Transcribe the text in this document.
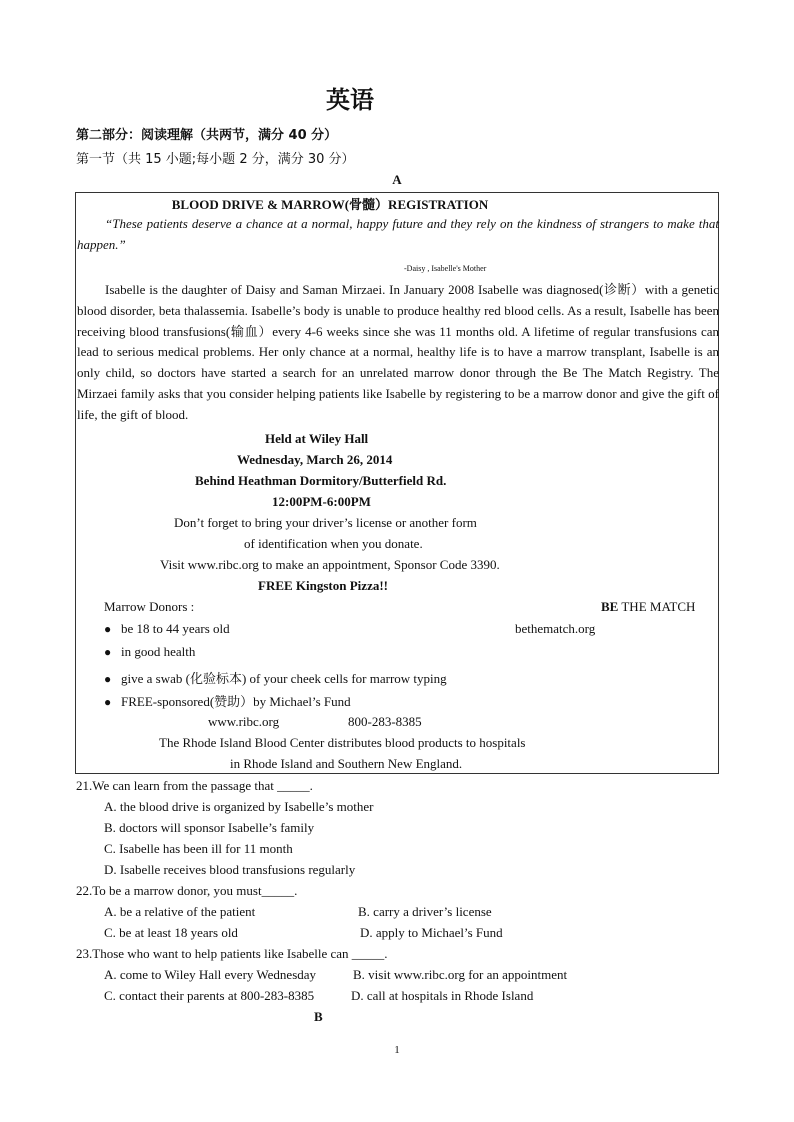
英语
第二部分：阅读理解（共两节，满分 40 分）
第一节（共 15 小题;每小题 2 分，满分 30 分）
A
BLOOD DRIVE & MARROW(骨髓）REGISTRATION
“These patients deserve a chance at a normal, happy future and they rely on the kindness of strangers to make that happen.”
-Daisy , Isabelle's Mother
Isabelle is the daughter of Daisy and Saman Mirzaei. In January 2008 Isabelle was diagnosed(诊断）with a genetic blood disorder, beta thalassemia. Isabelle’s body is unable to produce healthy red blood cells. As a result, Isabelle has been receiving blood transfusions(输血）every 4-6 weeks since she was 11 months old. A lifetime of regular transfusions can lead to serious medical problems. Her only chance at a normal, healthy life is to have a marrow transplant, Isabelle is an only child, so doctors have started a search for an unrelated marrow donor through the Be The Match Registry. The Mirzaei family asks that you consider helping patients like Isabelle by registering to be a marrow donor and give the gift of life, the gift of blood.
Held at Wiley Hall
Wednesday, March 26, 2014
Behind Heathman Dormitory/Butterfield Rd.
12:00PM-6:00PM
Don’t forget to bring your driver’s license or another form
of identification when you donate.
Visit www.ribc.org to make an appointment, Sponsor Code 3390.
FREE Kingston Pizza!!
Marrow Donors :	BE THE MATCH
bethematch.org
● be 18 to 44 years old
● in good health
● give a swab (化验标本) of your cheek cells for marrow typing
● FREE-sponsored(赞助）by Michael’s Fund
www.ribc.org	800-283-8385
The Rhode Island Blood Center distributes blood products to hospitals
in Rhode Island and Southern New England.
21.We can learn from the passage that _____.
A. the blood drive is organized by Isabelle’s mother
B. doctors will sponsor Isabelle’s family
C. Isabelle has been ill for 11 month
D. Isabelle receives blood transfusions regularly
22.To be a marrow donor, you must_____.
A. be a relative of the patient	B. carry a driver’s license
C. be at least 18 years old	D. apply to Michael’s Fund
23.Those who want to help patients like Isabelle can _____.
A. come to Wiley Hall every Wednesday	B. visit www.ribc.org for an appointment
C. contact their parents at 800-283-8385	D. call at hospitals in Rhode Island
B
1
